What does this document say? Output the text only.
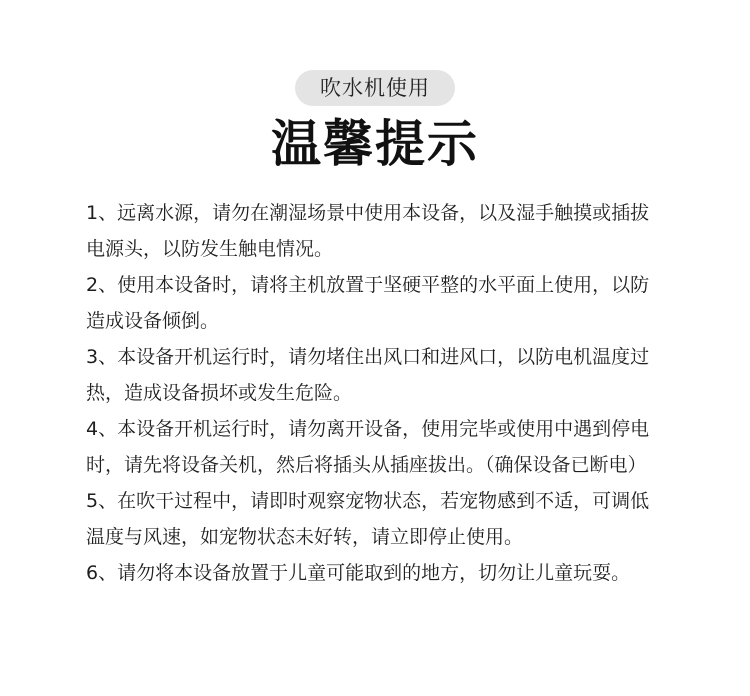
吹水机使用
温馨提示
1、远离水源，请勿在潮湿场景中使用本设备，以及湿手触摸或插拔电源头，以防发生触电情况。
2、使用本设备时，请将主机放置于坚硬平整的水平面上使用，以防造成设备倾倒。
3、本设备开机运行时，请勿堵住出风口和进风口，以防电机温度过热，造成设备损坏或发生危险。
4、本设备开机运行时，请勿离开设备，使用完毕或使用中遇到停电时，请先将设备关机，然后将插头从插座拔出。（确保设备已断电）
5、在吹干过程中，请即时观察宠物状态，若宠物感到不适，可调低温度与风速，如宠物状态未好转，请立即停止使用。
6、请勿将本设备放置于儿童可能取到的地方，切勿让儿童玩耍。
